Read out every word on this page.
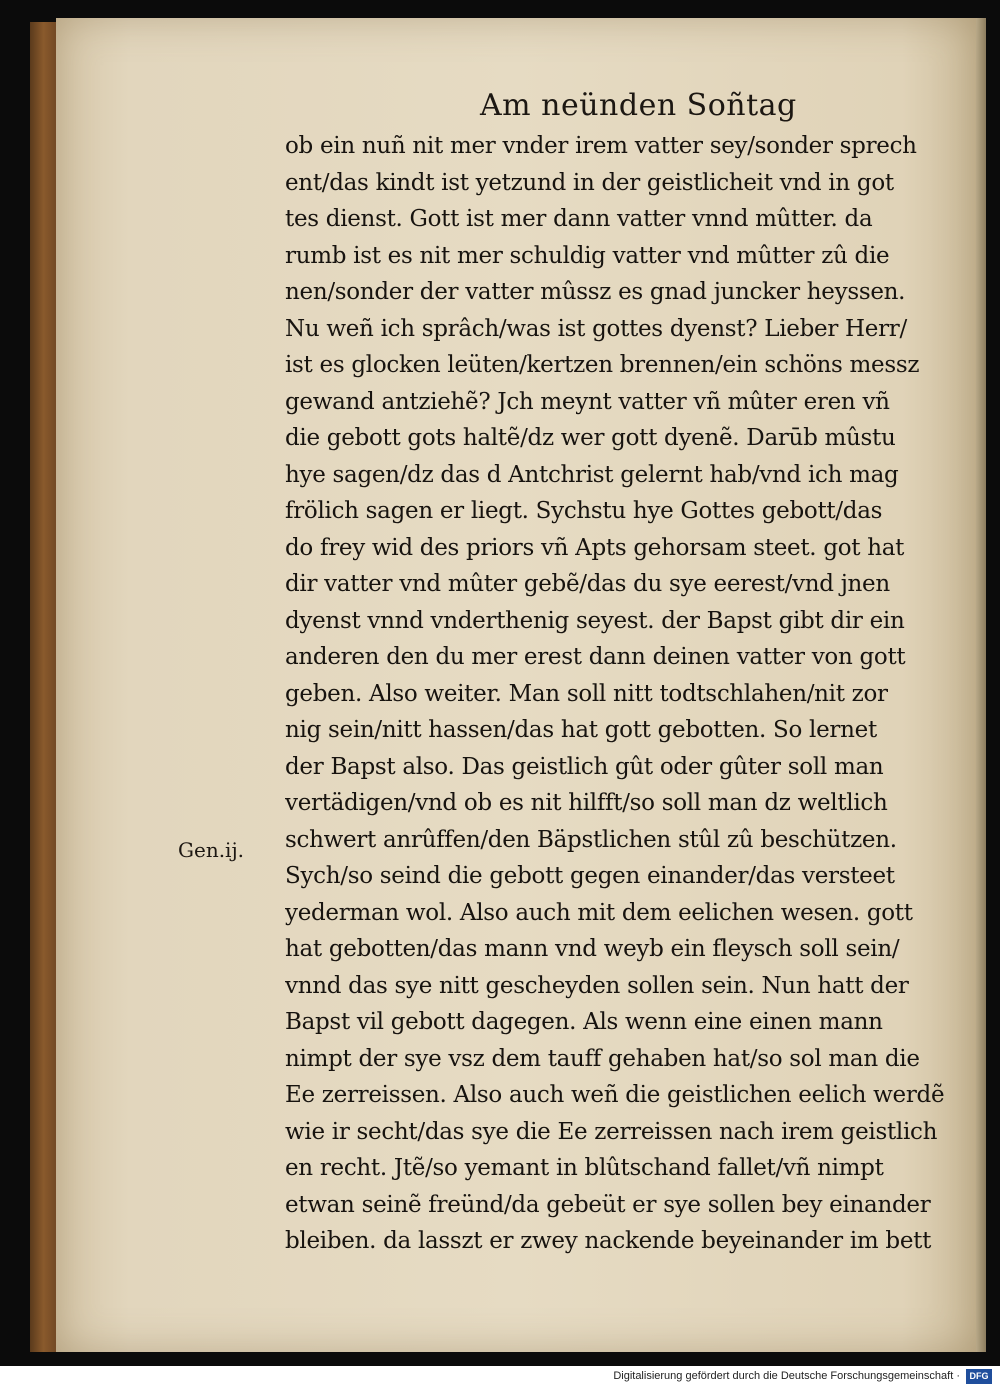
Am neünden Soñtag
Gen.ij.
ob ein nuñ nit mer vnder irem vatter sey/sonder sprech
ent/das kindt ist yetzund in der geistlicheit vnd in got
tes dienst. Gott ist mer dann vatter vnnd mûtter. da
rumb ist es nit mer schuldig vatter vnd mûtter zû die
nen/sonder der vatter mûssz es gnad juncker heyssen.
Nu weñ ich sprâch/was ist gottes dyenst? Lieber Herr/
ist es glocken leüten/kertzen brennen/ein schöns messz
gewand antziehẽ? Jch meynt vatter vñ mûter eren vñ
die gebott gots haltẽ/dz wer gott dyenẽ. Darūb mûstu
hye sagen/dz das d Antchrist gelernt hab/vnd ich mag
frölich sagen er liegt. Sychstu hye Gottes gebott/das
do frey wid des priors vñ Apts gehorsam steet. got hat
dir vatter vnd mûter gebẽ/das du sye eerest/vnd jnen
dyenst vnnd vnderthenig seyest. der Bapst gibt dir ein
anderen den du mer erest dann deinen vatter von gott
geben. Also weiter. Man soll nitt todtschlahen/nit zor
nig sein/nitt hassen/das hat gott gebotten. So lernet
der Bapst also. Das geistlich gût oder gûter soll man
vertädigen/vnd ob es nit hilfft/so soll man dz weltlich
schwert anrûffen/den Bäpstlichen stûl zû beschützen.
Sych/so seind die gebott gegen einander/das versteet
yederman wol. Also auch mit dem eelichen wesen. gott
hat gebotten/das mann vnd weyb ein fleysch soll sein/
vnnd das sye nitt gescheyden sollen sein. Nun hatt der
Bapst vil gebott dagegen. Als wenn eine einen mann
nimpt der sye vsz dem tauff gehaben hat/so sol man die
Ee zerreissen. Also auch weñ die geistlichen eelich werdẽ
wie ir secht/das sye die Ee zerreissen nach irem geistlich
en recht. Jtẽ/so yemant in blûtschand fallet/vñ nimpt
etwan seinẽ freünd/da gebeüt er sye sollen bey einander
bleiben. da lasszt er zwey nackende beyeinander im bett
Digitalisierung gefördert durch die Deutsche Forschungsgemeinschaft ·	DFG
